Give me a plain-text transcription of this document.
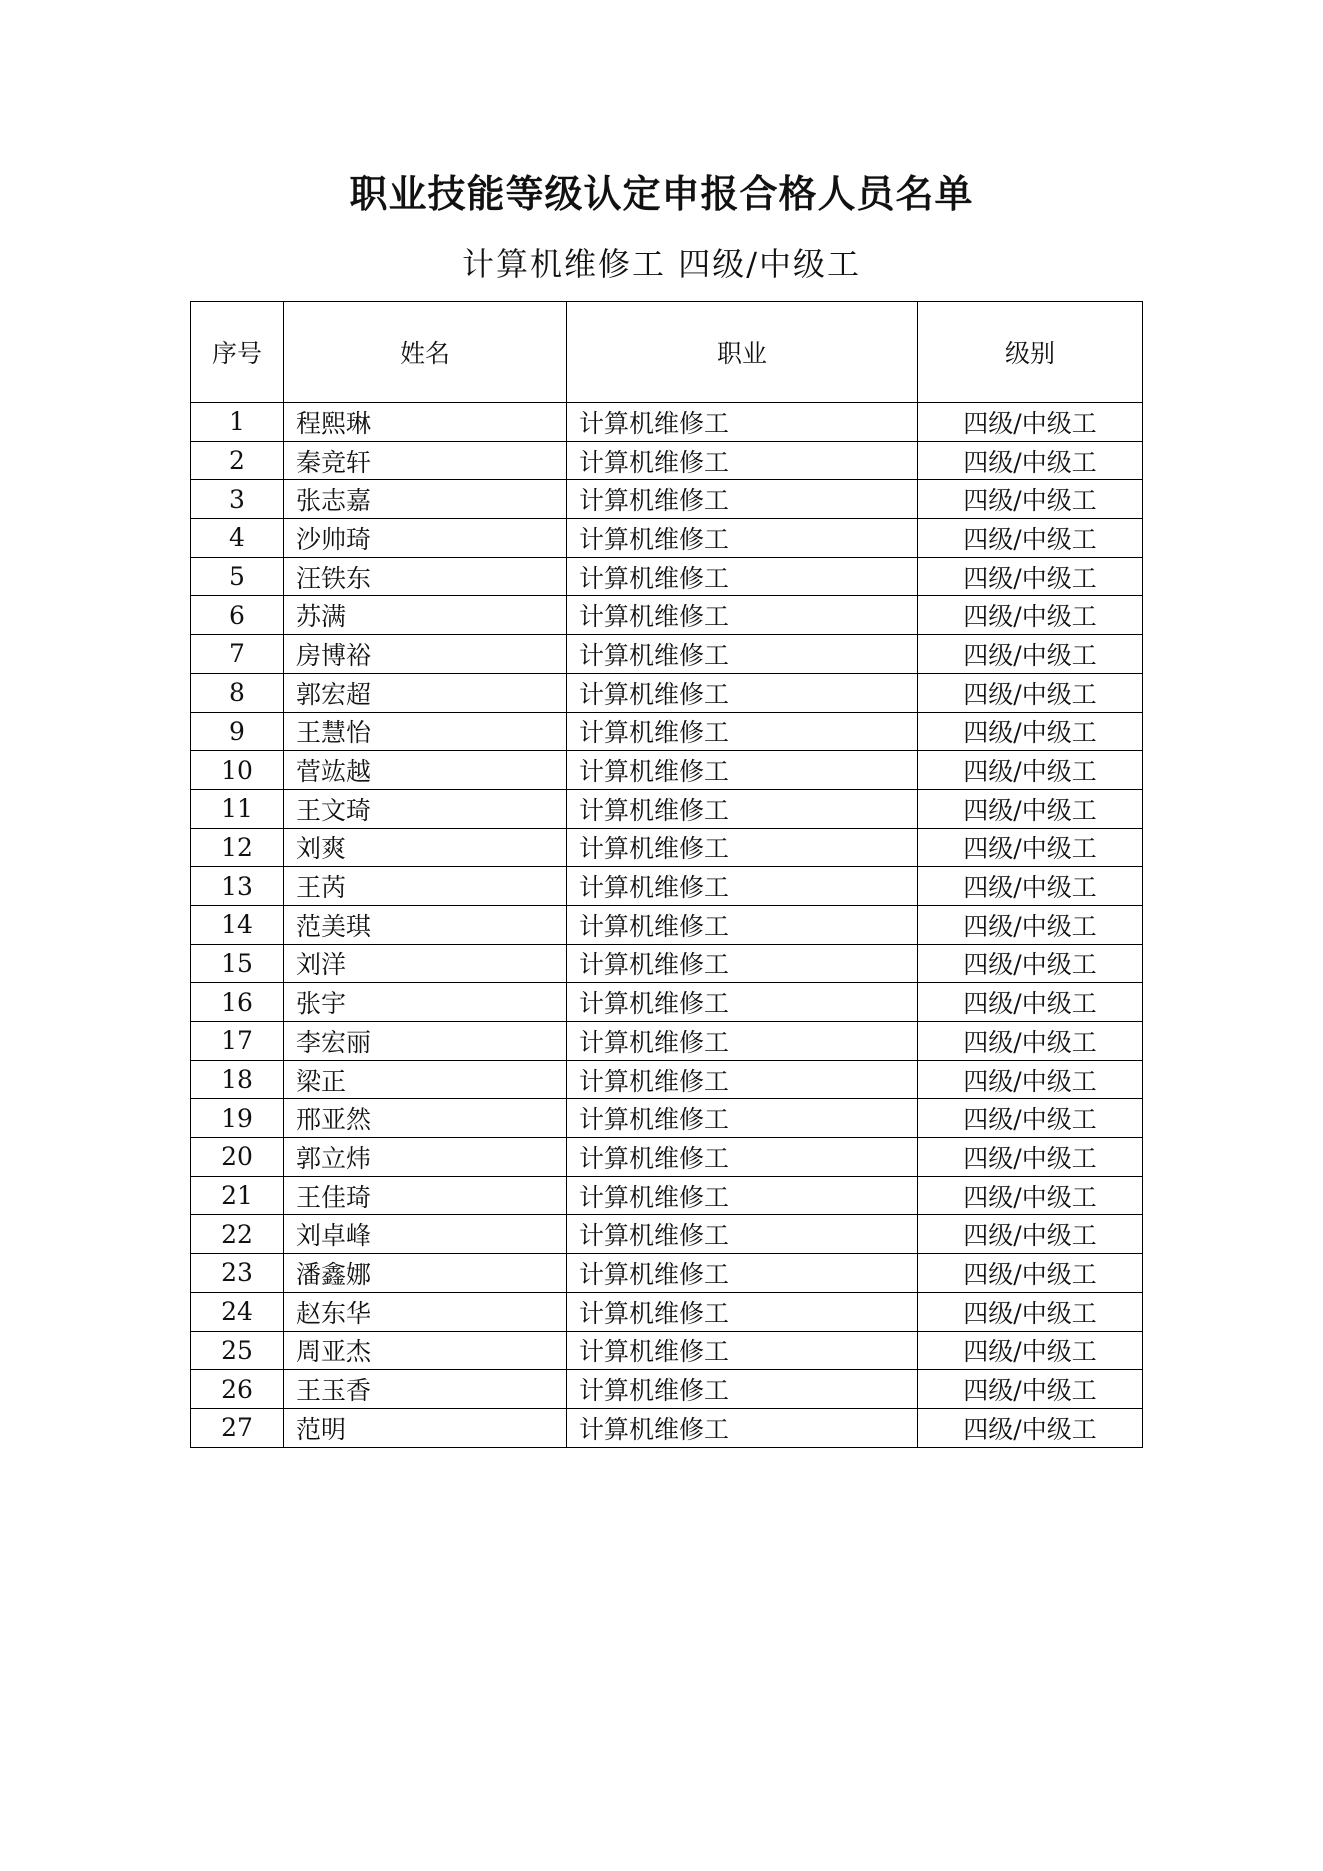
职业技能等级认定申报合格人员名单
计算机维修工 四级/中级工
序号	姓名	职业	级别
1	程熙琳	计算机维修工	四级/中级工
2	秦竞轩	计算机维修工	四级/中级工
3	张志嘉	计算机维修工	四级/中级工
4	沙帅琦	计算机维修工	四级/中级工
5	汪铁东	计算机维修工	四级/中级工
6	苏满	计算机维修工	四级/中级工
7	房博裕	计算机维修工	四级/中级工
8	郭宏超	计算机维修工	四级/中级工
9	王慧怡	计算机维修工	四级/中级工
10	菅竑越	计算机维修工	四级/中级工
11	王文琦	计算机维修工	四级/中级工
12	刘爽	计算机维修工	四级/中级工
13	王芮	计算机维修工	四级/中级工
14	范美琪	计算机维修工	四级/中级工
15	刘洋	计算机维修工	四级/中级工
16	张宇	计算机维修工	四级/中级工
17	李宏丽	计算机维修工	四级/中级工
18	梁正	计算机维修工	四级/中级工
19	邢亚然	计算机维修工	四级/中级工
20	郭立炜	计算机维修工	四级/中级工
21	王佳琦	计算机维修工	四级/中级工
22	刘卓峰	计算机维修工	四级/中级工
23	潘鑫娜	计算机维修工	四级/中级工
24	赵东华	计算机维修工	四级/中级工
25	周亚杰	计算机维修工	四级/中级工
26	王玉香	计算机维修工	四级/中级工
27	范明	计算机维修工	四级/中级工
